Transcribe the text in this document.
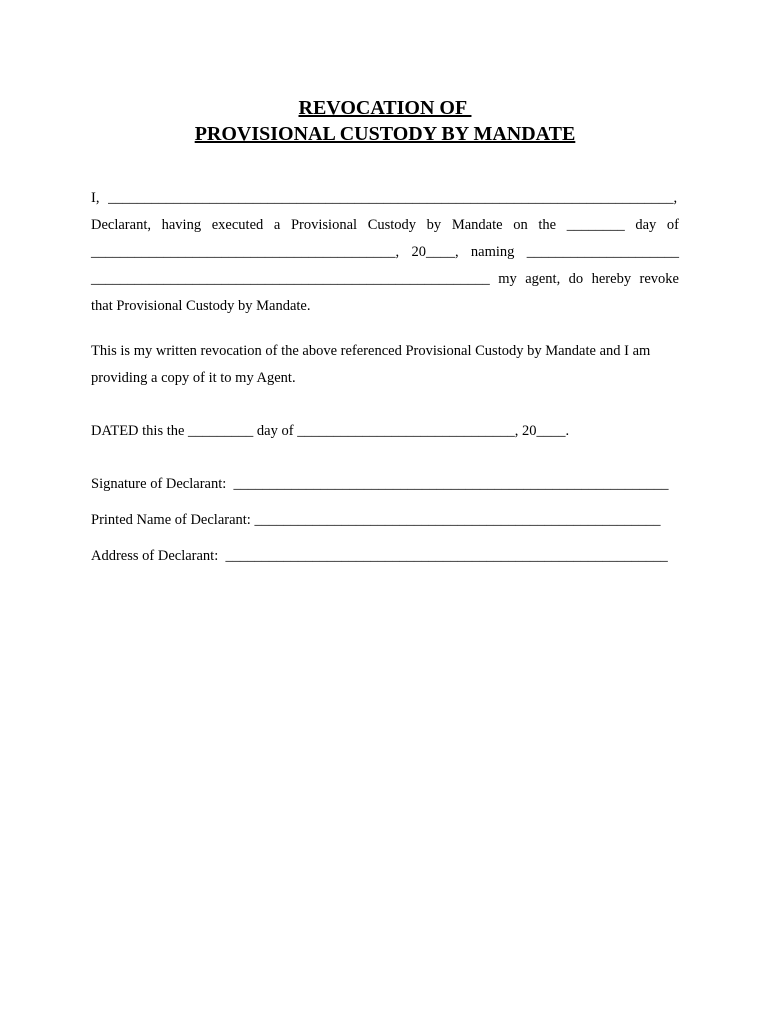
REVOCATION OF
PROVISIONAL CUSTODY BY MANDATE
I, ______________________________________________________________________________,
Declarant, having executed a Provisional Custody by Mandate on the ________ day of
__________________________________________, 20____, naming _____________________
_______________________________________________________ my agent, do hereby revoke
that Provisional Custody by Mandate.
This is my written revocation of the above referenced Provisional Custody by Mandate and I am
providing a copy of it to my Agent.
DATED this the _________ day of ______________________________, 20____.
Signature of Declarant:  ____________________________________________________________
Printed Name of Declarant: ________________________________________________________
Address of Declarant:  _____________________________________________________________
